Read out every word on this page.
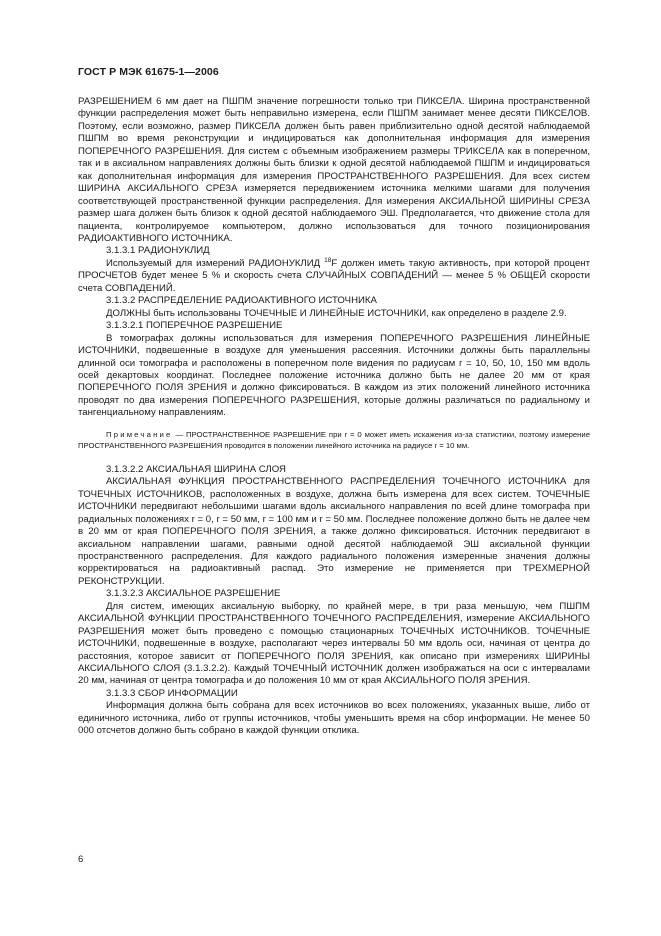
ГОСТ Р МЭК 61675-1—2006

РАЗРЕШЕНИЕМ 6 мм дает на ПШПМ значение погрешности только три ПИКСЕЛА. Ширина пространственной функции распределения может быть неправильно измерена, если ПШПМ занимает менее десяти ПИКСЕЛОВ. Поэтому, если возможно, размер ПИКСЕЛА должен быть равен приблизительно одной десятой наблюдаемой ПШПМ во время реконструкции и индицироваться как дополнительная информация для измерения ПОПЕРЕЧНОГО РАЗРЕШЕНИЯ. Для систем с объемным изображением размеры ТРИКСЕЛА как в поперечном, так и в аксиальном направлениях должны быть близки к одной десятой наблюдаемой ПШПМ и индицироваться как дополнительная информация для измерения ПРОСТРАНСТВЕННОГО РАЗРЕШЕНИЯ. Для всех систем ШИРИНА АКСИАЛЬНОГО СРЕЗА измеряется передвижением источника мелкими шагами для получения соответствующей пространственной функции распределения. Для измерения АКСИАЛЬНОЙ ШИРИНЫ СРЕЗА размер шага должен быть близок к одной десятой наблюдаемого ЭШ. Предполагается, что движение стола для пациента, контролируемое компьютером, должно использоваться для точного позиционирования РАДИОАКТИВНОГО ИСТОЧНИКА.

3.1.3.1 РАДИОНУКЛИД

Используемый для измерений РАДИОНУКЛИД $^{18}$F должен иметь такую активность, при которой процент ПРОСЧЕТОВ будет менее 5 % и скорость счета СЛУЧАЙНЫХ СОВПАДЕНИЙ — менее 5 % ОБЩЕЙ скорости счета СОВПАДЕНИЙ.

3.1.3.2 РАСПРЕДЕЛЕНИЕ РАДИОАКТИВНОГО ИСТОЧНИКА

ДОЛЖНЫ быть использованы ТОЧЕЧНЫЕ И ЛИНЕЙНЫЕ ИСТОЧНИКИ, как определено в разделе 2.9.

3.1.3.2.1 ПОПЕРЕЧНОЕ РАЗРЕШЕНИЕ

В томографах должны использоваться для измерения ПОПЕРЕЧНОГО РАЗРЕШЕНИЯ ЛИНЕЙНЫЕ ИСТОЧНИКИ, подвешенные в воздухе для уменьшения рассеяния. Источники должны быть параллельны длинной оси томографа и расположены в поперечном поле видения по радиусам r = 10, 50, 10, 150 мм вдоль осей декартовых координат. Последнее положение источника должно быть не далее 20 мм от края ПОПЕРЕЧНОГО ПОЛЯ ЗРЕНИЯ и должно фиксироваться. В каждом из этих положений линейного источника проводят по два измерения ПОПЕРЕЧНОГО РАЗРЕШЕНИЯ, которые должны различаться по радиальному и тангенциальному направлениям.

Примечание — ПРОСТРАНСТВЕННОЕ РАЗРЕШЕНИЕ при r = 0 может иметь искажения из-за статистики, поэтому измерение ПРОСТРАНСТВЕННОГО РАЗРЕШЕНИЯ проводится в положении линейного источника на радиусе r = 10 мм.

3.1.3.2.2 АКСИАЛЬНАЯ ШИРИНА СЛОЯ

АКСИАЛЬНАЯ ФУНКЦИЯ ПРОСТРАНСТВЕННОГО РАСПРЕДЕЛЕНИЯ ТОЧЕЧНОГО ИСТОЧНИКА для ТОЧЕЧНЫХ ИСТОЧНИКОВ, расположенных в воздухе, должна быть измерена для всех систем. ТОЧЕЧНЫЕ ИСТОЧНИКИ передвигают небольшими шагами вдоль аксиального направления по всей длине томографа при радиальных положениях r = 0, r = 50 мм, r = 100 мм и r = 50 мм. Последнее положение должно быть не далее чем в 20 мм от края ПОПЕРЕЧНОГО ПОЛЯ ЗРЕНИЯ, а также должно фиксироваться. Источник передвигают в аксиальном направлении шагами, равными одной десятой наблюдаемой ЭШ аксиальной функции пространственного распределения. Для каждого радиального положения измеренные значения должны корректироваться на радиоактивный распад. Это измерение не применяется при ТРЕХМЕРНОЙ РЕКОНСТРУКЦИИ.

3.1.3.2.3 АКСИАЛЬНОЕ РАЗРЕШЕНИЕ

Для систем, имеющих аксиальную выборку, по крайней мере, в три раза меньшую, чем ПШПМ АКСИАЛЬНОЙ ФУНКЦИИ ПРОСТРАНСТВЕННОГО ТОЧЕЧНОГО РАСПРЕДЕЛЕНИЯ, измерение АКСИАЛЬНОГО РАЗРЕШЕНИЯ может быть проведено с помощью стационарных ТОЧЕЧНЫХ ИСТОЧНИКОВ. ТОЧЕЧНЫЕ ИСТОЧНИКИ, подвешенные в воздухе, располагают через интервалы 50 мм вдоль оси, начиная от центра до расстояния, которое зависит от ПОПЕРЕЧНОГО ПОЛЯ ЗРЕНИЯ, как описано при измерениях ШИРИНЫ АКСИАЛЬНОГО СЛОЯ (3.1.3.2.2). Каждый ТОЧЕЧНЫЙ ИСТОЧНИК должен изображаться на оси с интервалами 20 мм, начиная от центра томографа и до положения 10 мм от края АКСИАЛЬНОГО ПОЛЯ ЗРЕНИЯ.

3.1.3.3 СБОР ИНФОРМАЦИИ

Информация должна быть собрана для всех источников во всех положениях, указанных выше, либо от единичного источника, либо от группы источников, чтобы уменьшить время на сбор информации. Не менее 50 000 отсчетов должно быть собрано в каждой функции отклика.

6
